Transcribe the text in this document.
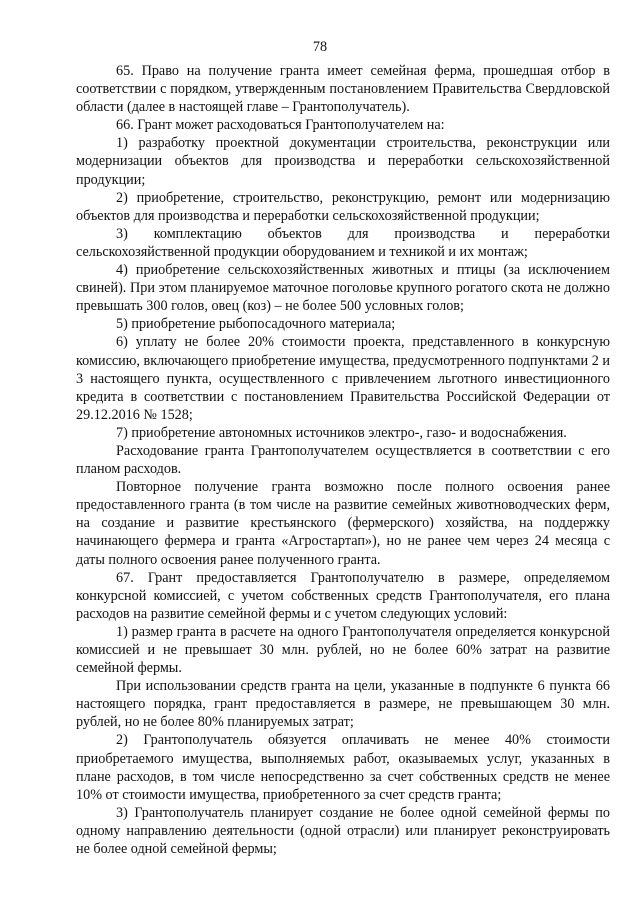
78

65. Право на получение гранта имеет семейная ферма, прошедшая отбор в соответствии с порядком, утвержденным постановлением Правительства Свердловской области (далее в настоящей главе – Грантополучатель).

66. Грант может расходоваться Грантополучателем на:

1) разработку проектной документации строительства, реконструкции или модернизации объектов для производства и переработки сельскохозяйственной продукции;

2) приобретение, строительство, реконструкцию, ремонт или модернизацию объектов для производства и переработки сельскохозяйственной продукции;

3) комплектацию объектов для производства и переработки сельскохозяйственной продукции оборудованием и техникой и их монтаж;

4) приобретение сельскохозяйственных животных и птицы (за исключением свиней). При этом планируемое маточное поголовье крупного рогатого скота не должно превышать 300 голов, овец (коз) – не более 500 условных голов;

5) приобретение рыбопосадочного материала;

6) уплату не более 20% стоимости проекта, представленного в конкурсную комиссию, включающего приобретение имущества, предусмотренного подпунктами 2 и 3 настоящего пункта, осуществленного с привлечением льготного инвестиционного кредита в соответствии с постановлением Правительства Российской Федерации от 29.12.2016 № 1528;

7) приобретение автономных источников электро-, газо- и водоснабжения.

Расходование гранта Грантополучателем осуществляется в соответствии с его планом расходов.

Повторное получение гранта возможно после полного освоения ранее предоставленного гранта (в том числе на развитие семейных животноводческих ферм, на создание и развитие крестьянского (фермерского) хозяйства, на поддержку начинающего фермера и гранта «Агростартап»), но не ранее чем через 24 месяца с даты полного освоения ранее полученного гранта.

67. Грант предоставляется Грантополучателю в размере, определяемом конкурсной комиссией, с учетом собственных средств Грантополучателя, его плана расходов на развитие семейной фермы и с учетом следующих условий:

1) размер гранта в расчете на одного Грантополучателя определяется конкурсной комиссией и не превышает 30 млн. рублей, но не более 60% затрат на развитие семейной фермы.

При использовании средств гранта на цели, указанные в подпункте 6 пункта 66 настоящего порядка, грант предоставляется в размере, не превышающем 30 млн. рублей, но не более 80% планируемых затрат;

2) Грантополучатель обязуется оплачивать не менее 40% стоимости приобретаемого имущества, выполняемых работ, оказываемых услуг, указанных в плане расходов, в том числе непосредственно за счет собственных средств не менее 10% от стоимости имущества, приобретенного за счет средств гранта;

3) Грантополучатель планирует создание не более одной семейной фермы по одному направлению деятельности (одной отрасли) или планирует реконструировать не более одной семейной фермы;
